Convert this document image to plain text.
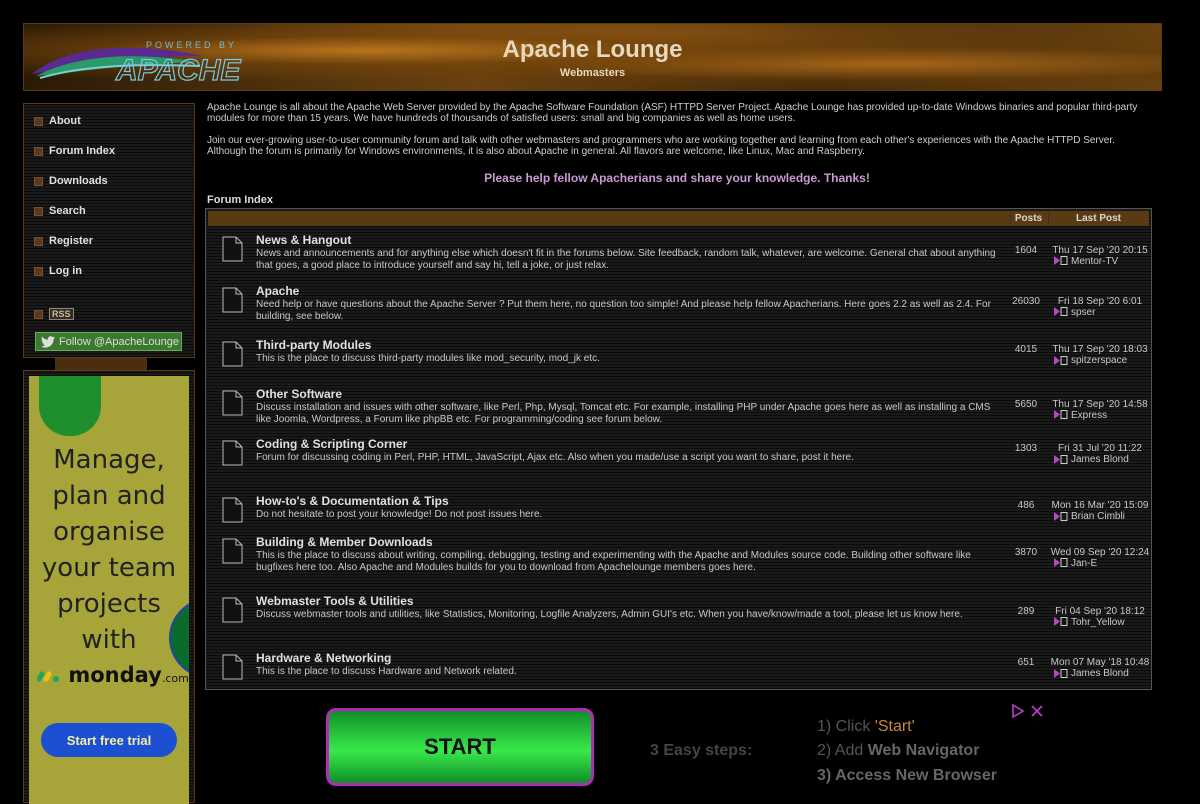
POWERED BY
APACHE
Apache Lounge
Webmasters
About
Forum Index
Downloads
Search
Register
Log in
RSS
Follow @ApacheLounge
Manage, plan and organise your team projects with
monday.com
Start free trial

Apache Lounge is all about the Apache Web Server provided by the Apache Software Foundation (ASF) HTTPD Server Project. Apache Lounge has provided up-to-date Windows binaries and popular third-party modules for more than 15 years. We have hundreds of thousands of satisfied users: small and big companies as well as home users.

Join our ever-growing user-to-user community forum and talk with other webmasters and programmers who are working together and learning from each other's experiences with the Apache HTTPD Server. Although the forum is primarily for Windows environments, it is also about Apache in general. All flavors are welcome, like Linux, Mac and Raspberry.

Please help fellow Apacherians and share your knowledge. Thanks!
Forum Index
Posts	Last Post
News & Hangout
News and announcements and for anything else which doesn't fit in the forums below. Site feedback, random talk, whatever, are welcome. General chat about anything that goes, a good place to introduce yourself and say hi, tell a joke, or just relax.
1604	Thu 17 Sep '20 20:15
Mentor-TV
Apache
Need help or have questions about the Apache Server ? Put them here, no question too simple! And please help fellow Apacherians. Here goes 2.2 as well as 2.4. For building, see below.
26030	Fri 18 Sep '20 6:01
spser
Third-party Modules
This is the place to discuss third-party modules like mod_security, mod_jk etc.
4015	Thu 17 Sep '20 18:03
spitzerspace
Other Software
Discuss installation and issues with other software, like Perl, Php, Mysql, Tomcat etc. For example, installing PHP under Apache goes here as well as installing a CMS like Joomla, Wordpress, a Forum like phpBB etc. For programming/coding see forum below.
5650	Thu 17 Sep '20 14:58
Express
Coding & Scripting Corner
Forum for discussing coding in Perl, PHP, HTML, JavaScript, Ajax etc. Also when you made/use a script you want to share, post it here.
1303	Fri 31 Jul '20 11:22
James Blond
How-to's & Documentation & Tips
Do not hesitate to post your knowledge! Do not post issues here.
486	Mon 16 Mar '20 15:09
Brian Cimbli
Building & Member Downloads
This is the place to discuss about writing, compiling, debugging, testing and experimenting with the Apache and Modules source code. Building other software like bugfixes here too. Also Apache and Modules builds for you to download from Apachelounge members goes here.
3870	Wed 09 Sep '20 12:24
Jan-E
Webmaster Tools & Utilities
Discuss webmaster tools and utilities, like Statistics, Monitoring, Logfile Analyzers, Admin GUI's etc. When you have/know/made a tool, please let us know here.	289	Fri 04 Sep '20 18:12
Tohr_Yellow
Hardware & Networking
This is the place to discuss Hardware and Network related.
651	Mon 07 May '18 10:48
James Blond
START	3 Easy steps:
1) Click 'Start'
2) Add Web Navigator
3) Access New Browser
